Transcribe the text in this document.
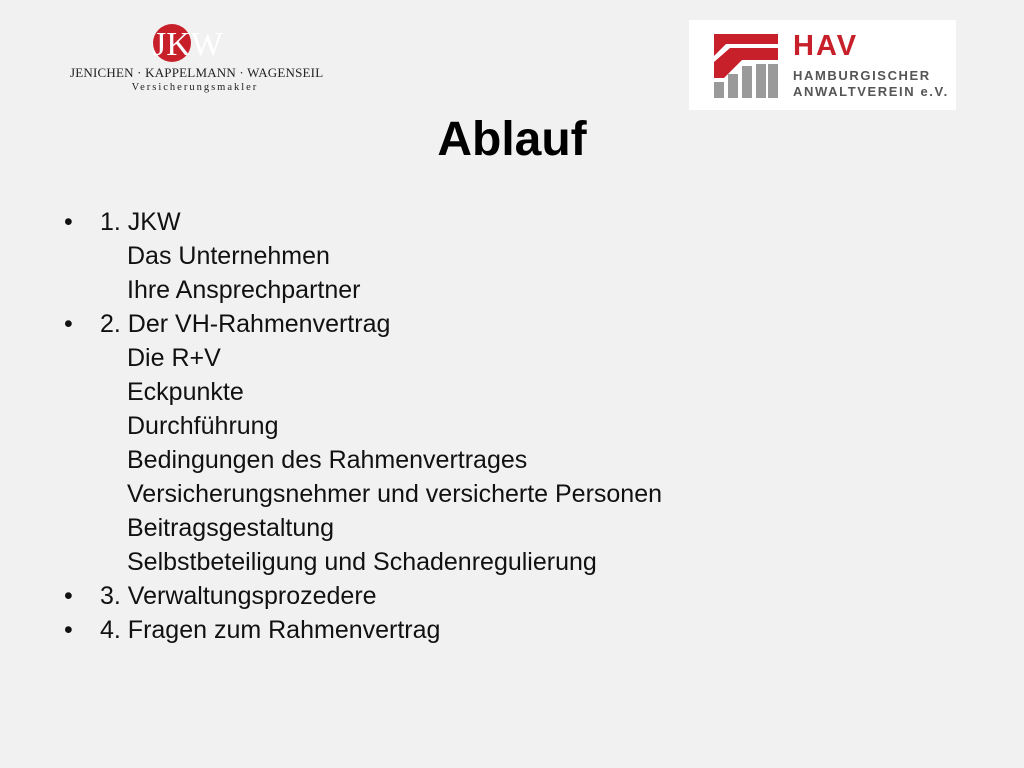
JKW
JENICHEN · KAPPELMANN · WAGENSEIL
Versicherungsmakler
HAV
HAMBURGISCHER
ANWALTVEREIN e.V.
Ablauf
• 1. JKW
Das Unternehmen
Ihre Ansprechpartner
• 2. Der VH-Rahmenvertrag
Die R+V
Eckpunkte
Durchführung
Bedingungen des Rahmenvertrages
Versicherungsnehmer und versicherte Personen
Beitragsgestaltung
Selbstbeteiligung und Schadenregulierung
• 3. Verwaltungsprozedere
• 4. Fragen zum Rahmenvertrag
